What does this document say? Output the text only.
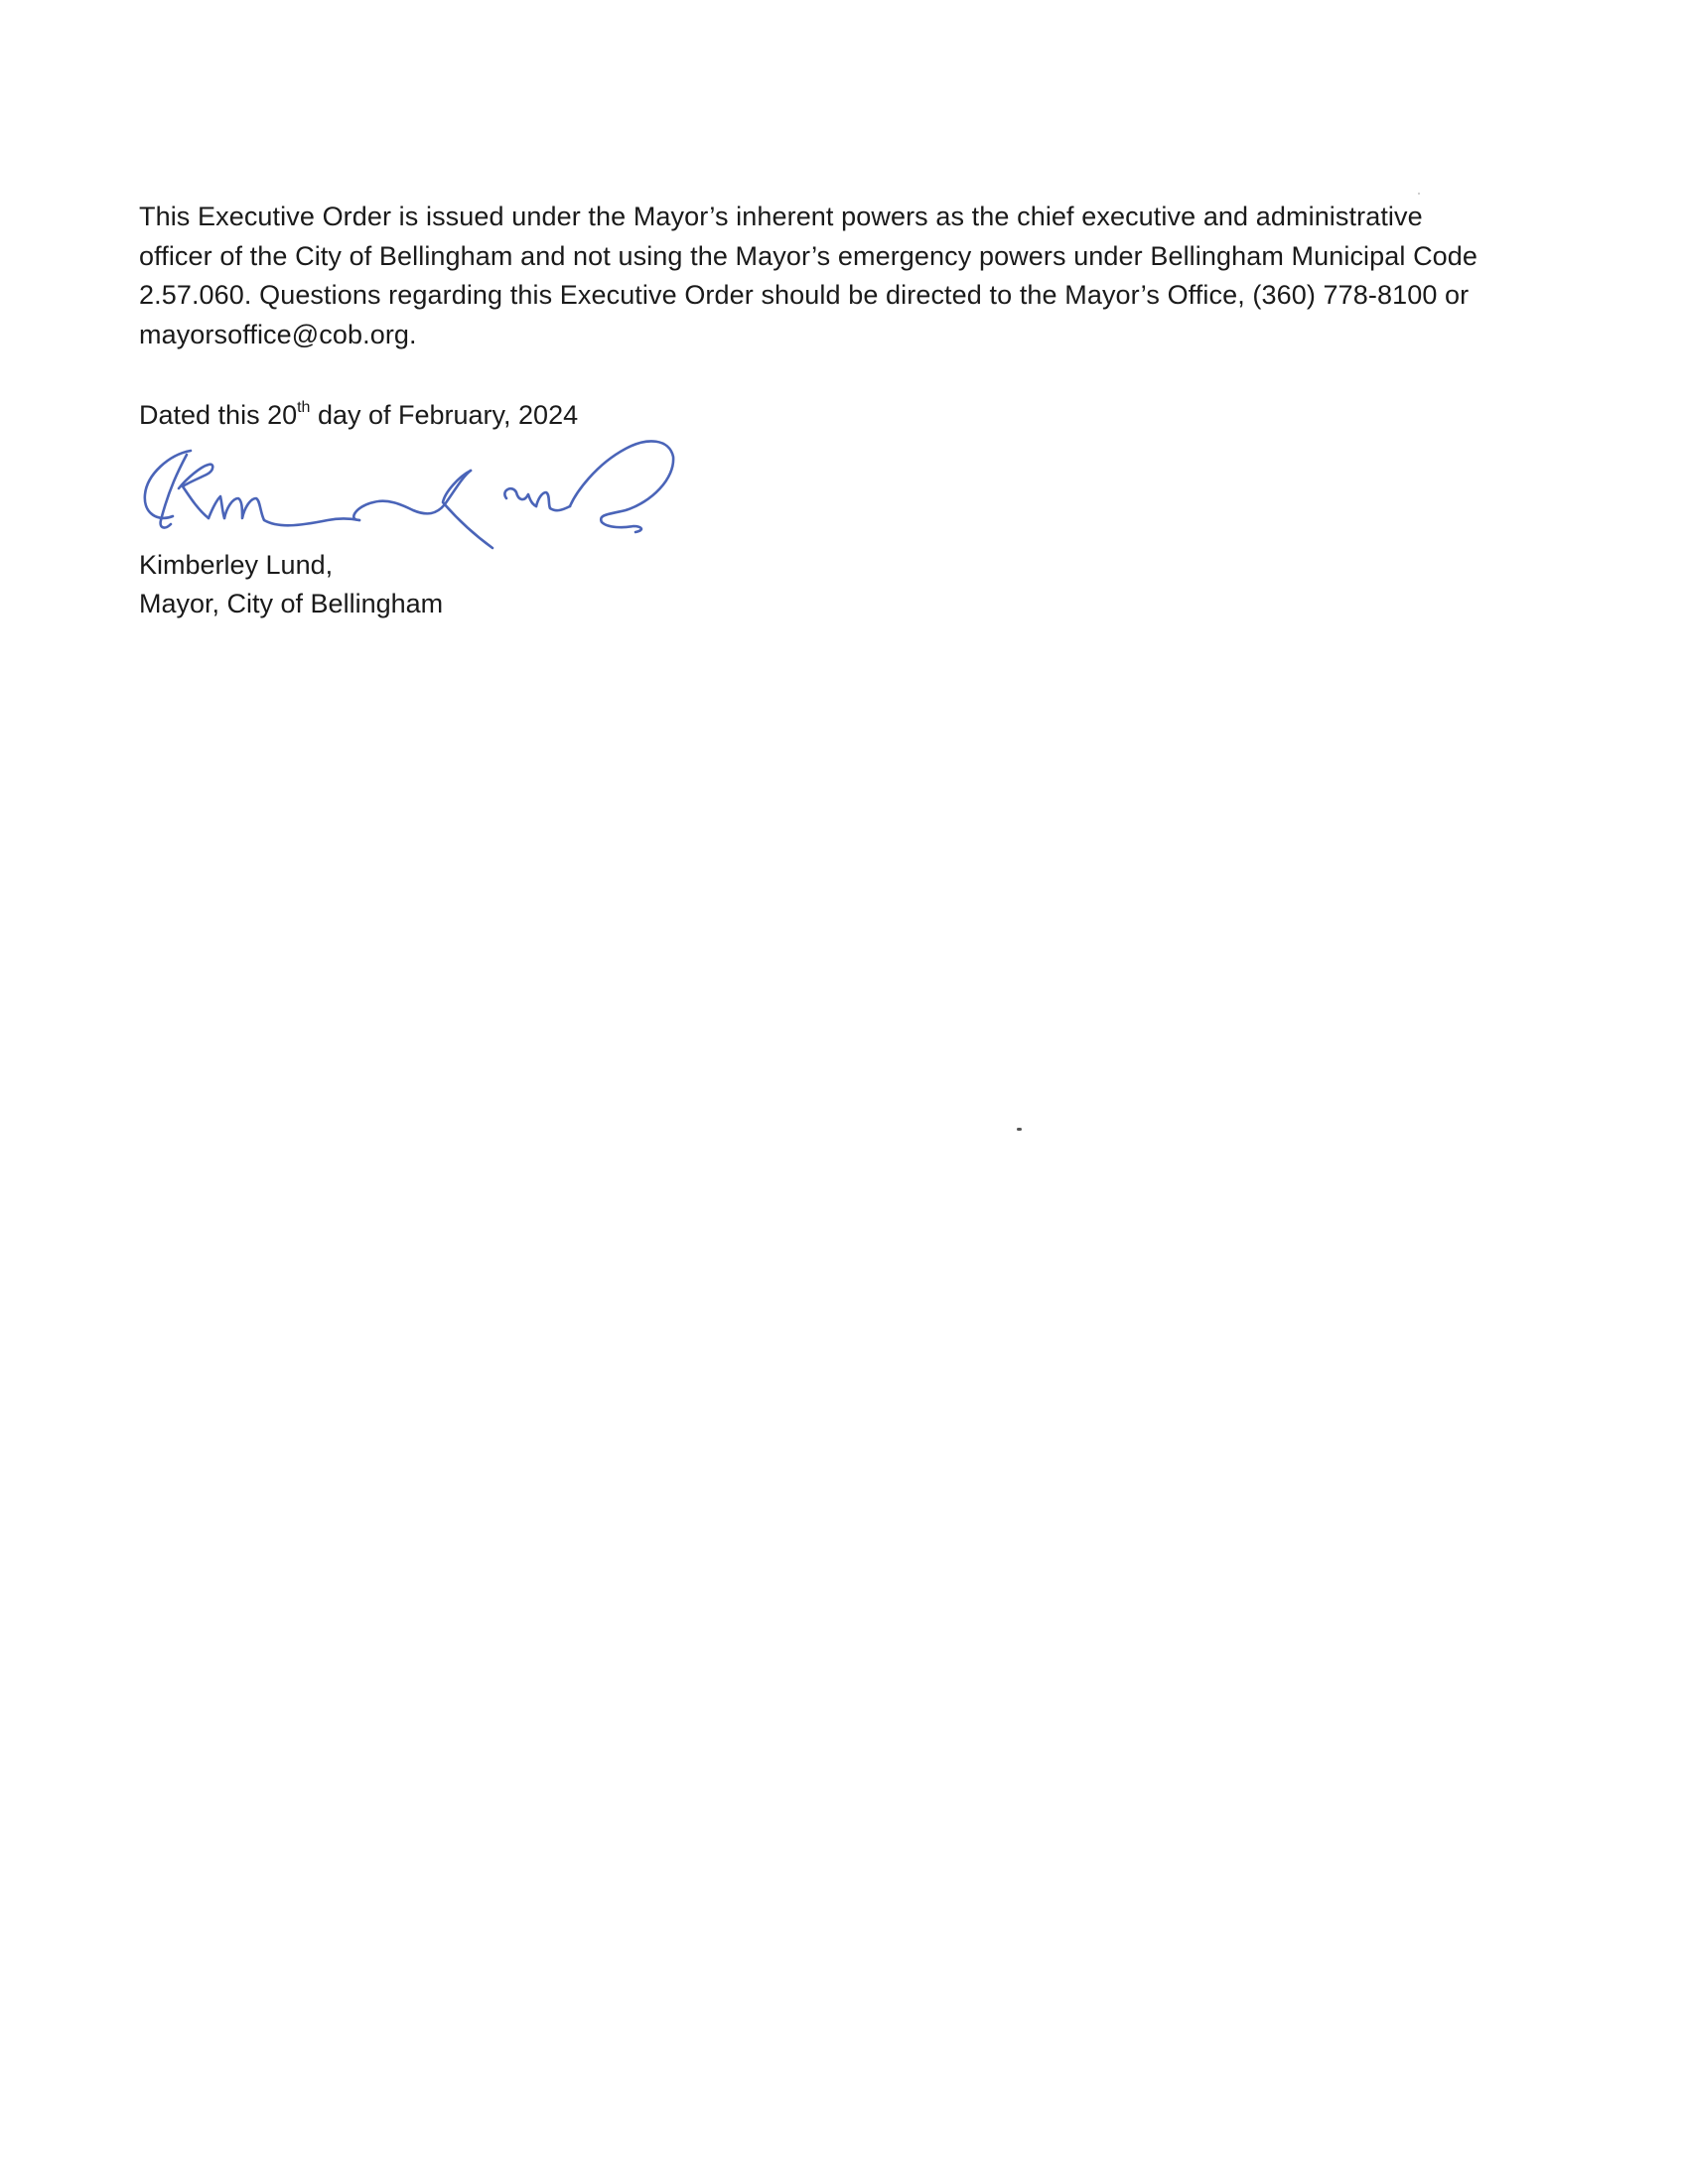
This Executive Order is issued under the Mayor’s inherent powers as the chief executive and administrative
officer of the City of Bellingham and not using the Mayor’s emergency powers under Bellingham Municipal Code
2.57.060. Questions regarding this Executive Order should be directed to the Mayor’s Office, (360) 778-8100 or
mayorsoffice@cob.org.
Dated this 20th day of February, 2024
Kimberley Lund,
Mayor, City of Bellingham
